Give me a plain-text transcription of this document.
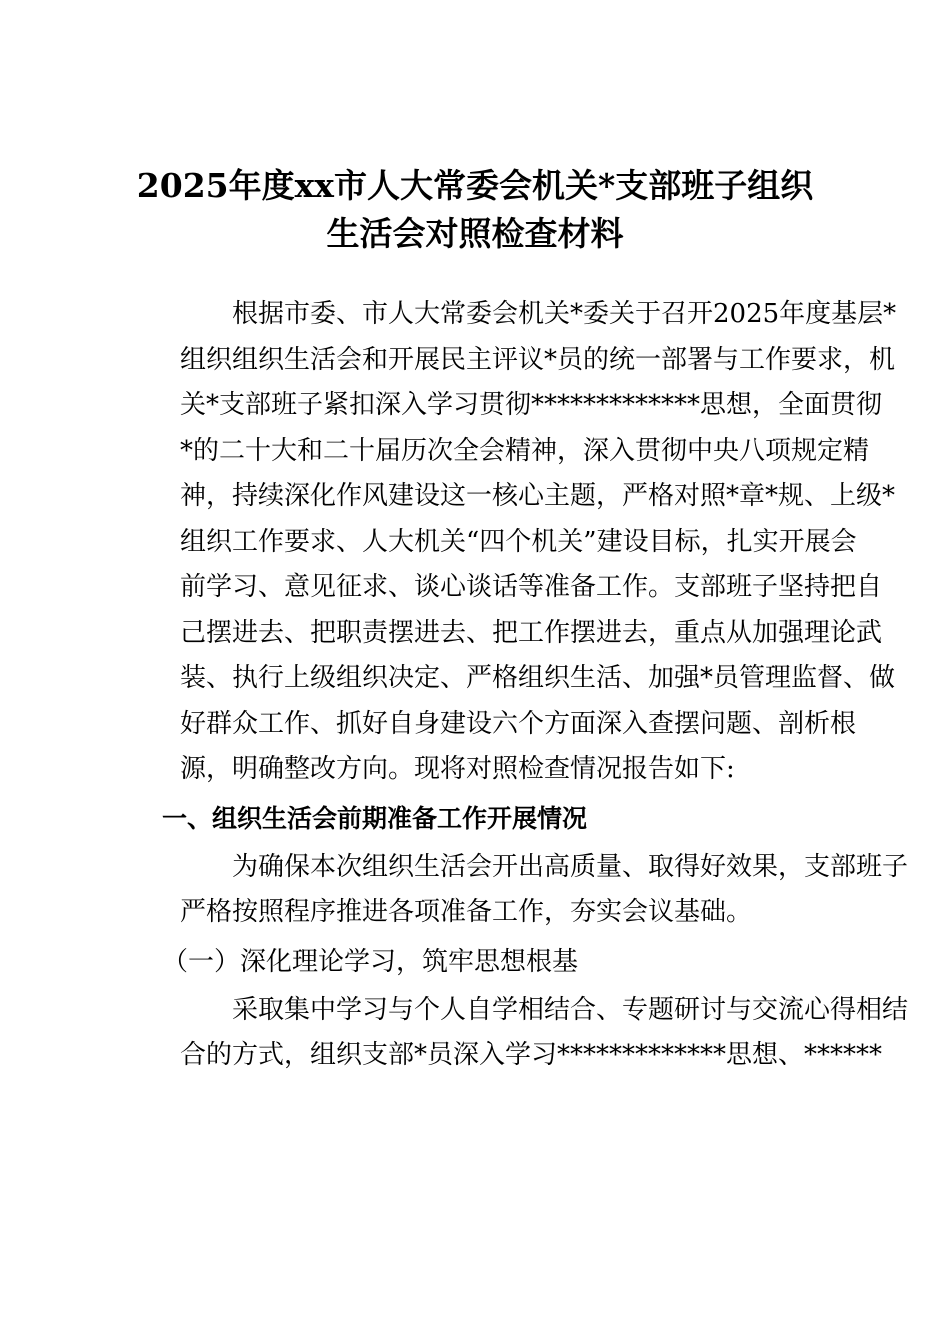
2025年度xx市人大常委会机关*支部班子组织
生活会对照检查材料
根据市委、市人大常委会机关*委关于召开2025年度基层*
组织组织生活会和开展民主评议*员的统一部署与工作要求，机
关*支部班子紧扣深入学习贯彻*************思想，全面贯彻
*的二十大和二十届历次全会精神，深入贯彻中央八项规定精
神，持续深化作风建设这一核心主题，严格对照*章*规、上级*
组织工作要求、人大机关“四个机关”建设目标，扎实开展会
前学习、意见征求、谈心谈话等准备工作。支部班子坚持把自
己摆进去、把职责摆进去、把工作摆进去，重点从加强理论武
装、执行上级组织决定、严格组织生活、加强*员管理监督、做
好群众工作、抓好自身建设六个方面深入查摆问题、剖析根
源，明确整改方向。现将对照检查情况报告如下:

一、组织生活会前期准备工作开展情况

为确保本次组织生活会开出高质量、取得好效果，支部班子
严格按照程序推进各项准备工作，夯实会议基础。

（一）深化理论学习，筑牢思想根基

采取集中学习与个人自学相结合、专题研讨与交流心得相结
合的方式，组织支部*员深入学习*************思想、******
